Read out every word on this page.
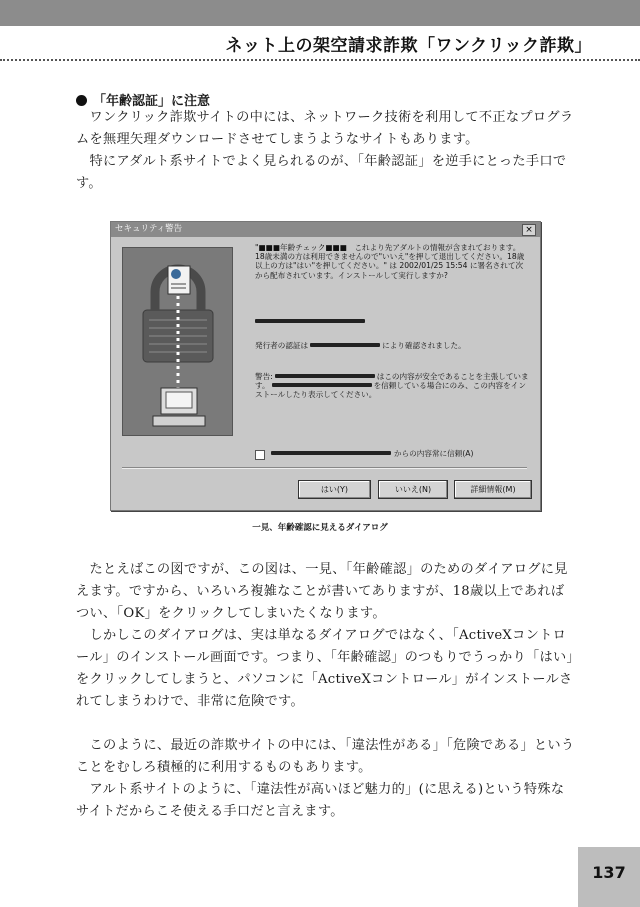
ネット上の架空請求詐欺「ワンクリック詐欺」
「年齢認証」に注意
　ワンクリック詐欺サイトの中には、ネットワーク技術を利用して不正なプログラムを無理矢理ダウンロードさせてしまうようなサイトもあります。
　特にアダルト系サイトでよく見られるのが、「年齢認証」を逆手にとった手口です。
セキュリティ警告	×
"■■■年齢チェック■■■　これより先アダルトの情報が含まれております。18歳未満の方は利用できませんので"いいえ"を押して退出してください。18歳以上の方は"はい"を押してください。" は 2002/01/25 15:54 に署名されて次から配布されています。インストールして実行しますか?
発行者の認証は	により確認されました。
警告:	はこの内容が安全であることを主張しています。	を信頼している場合にのみ、この内容をインストールしたり表示してください。
からの内容常に信頼(A)
はい(Y)	いいえ(N)	詳細情報(M)
一見、年齢確認に見えるダイアログ
　たとえばこの図ですが、この図は、一見、「年齢確認」のためのダイアログに見えます。ですから、いろいろ複雑なことが書いてありますが、18歳以上であればつい、「OK」をクリックしてしまいたくなります。
　しかしこのダイアログは、実は単なるダイアログではなく、「ActiveXコントロール」のインストール画面です。つまり、「年齢確認」のつもりでうっかり「はい」をクリックしてしまうと、パソコンに「ActiveXコントロール」がインストールされてしまうわけで、非常に危険です。
　このように、最近の詐欺サイトの中には、「違法性がある」「危険である」ということをむしろ積極的に利用するものもあります。
　アルト系サイトのように、「違法性が高いほど魅力的」(に思える)という特殊なサイトだからこそ使える手口だと言えます。
137
